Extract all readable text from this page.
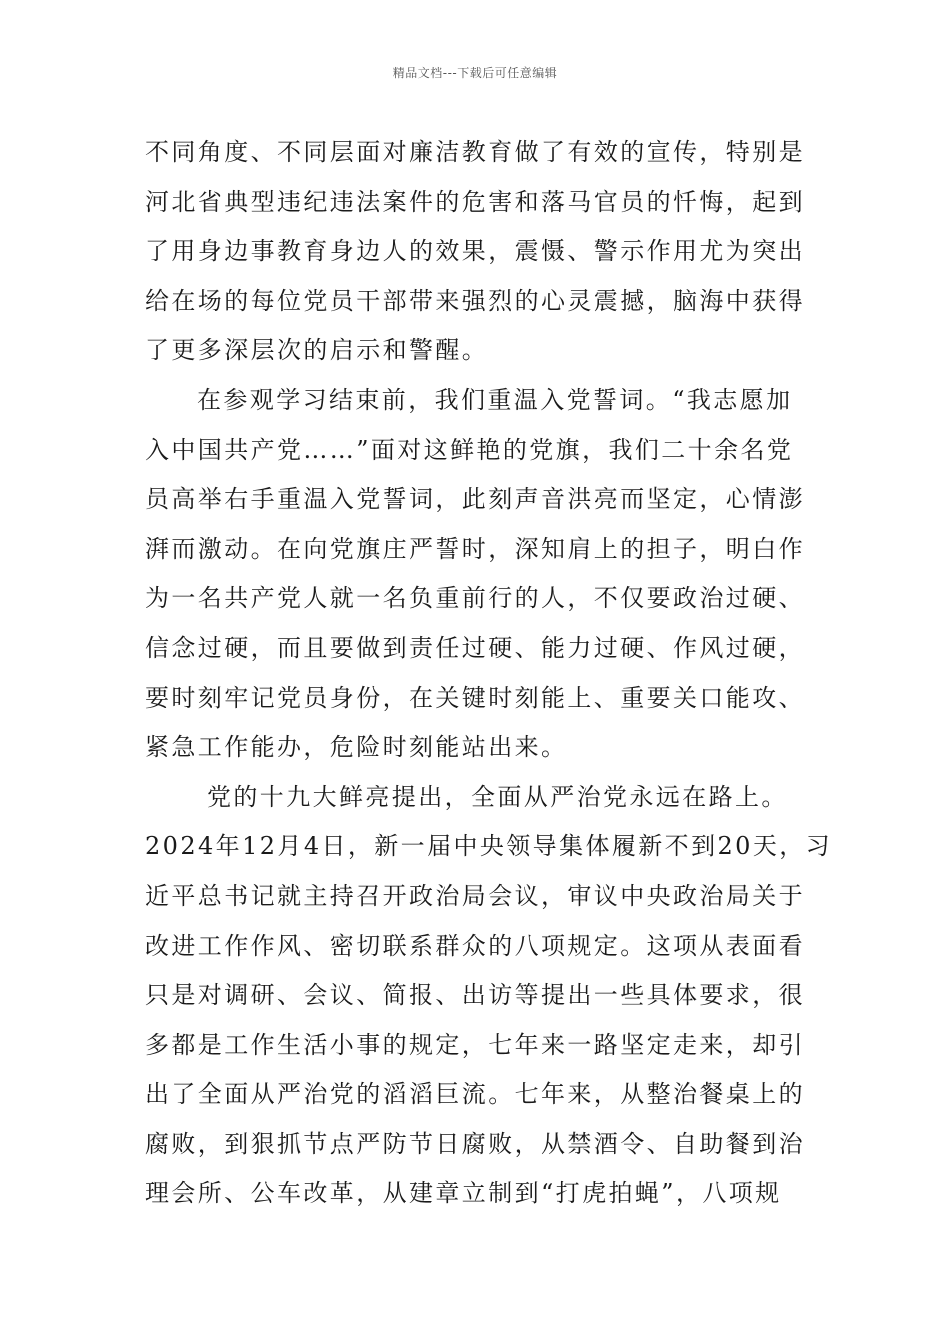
精品文档---下载后可任意编辑
不同角度、不同层面对廉洁教育做了有效的宣传，特别是
河北省典型违纪违法案件的危害和落马官员的忏悔，起到
了用身边事教育身边人的效果，震慑、警示作用尤为突出
给在场的每位党员干部带来强烈的心灵震撼，脑海中获得
了更多深层次的启示和警醒。
在参观学习结束前，我们重温入党誓词。“我志愿加
入中国共产党……”面对这鲜艳的党旗，我们二十余名党
员高举右手重温入党誓词，此刻声音洪亮而坚定，心情澎
湃而激动。在向党旗庄严誓时，深知肩上的担子，明白作
为一名共产党人就一名负重前行的人，不仅要政治过硬、
信念过硬，而且要做到责任过硬、能力过硬、作风过硬，
要时刻牢记党员身份，在关键时刻能上、重要关口能攻、
紧急工作能办，危险时刻能站出来。
党的十九大鲜亮提出，全面从严治党永远在路上。
2024年12月4日，新一届中央领导集体履新不到20天，习
近平总书记就主持召开政治局会议，审议中央政治局关于
改进工作作风、密切联系群众的八项规定。这项从表面看
只是对调研、会议、简报、出访等提出一些具体要求，很
多都是工作生活小事的规定，七年来一路坚定走来，却引
出了全面从严治党的滔滔巨流。七年来，从整治餐桌上的
腐败，到狠抓节点严防节日腐败，从禁酒令、自助餐到治
理会所、公车改革，从建章立制到“打虎拍蝇”，八项规
